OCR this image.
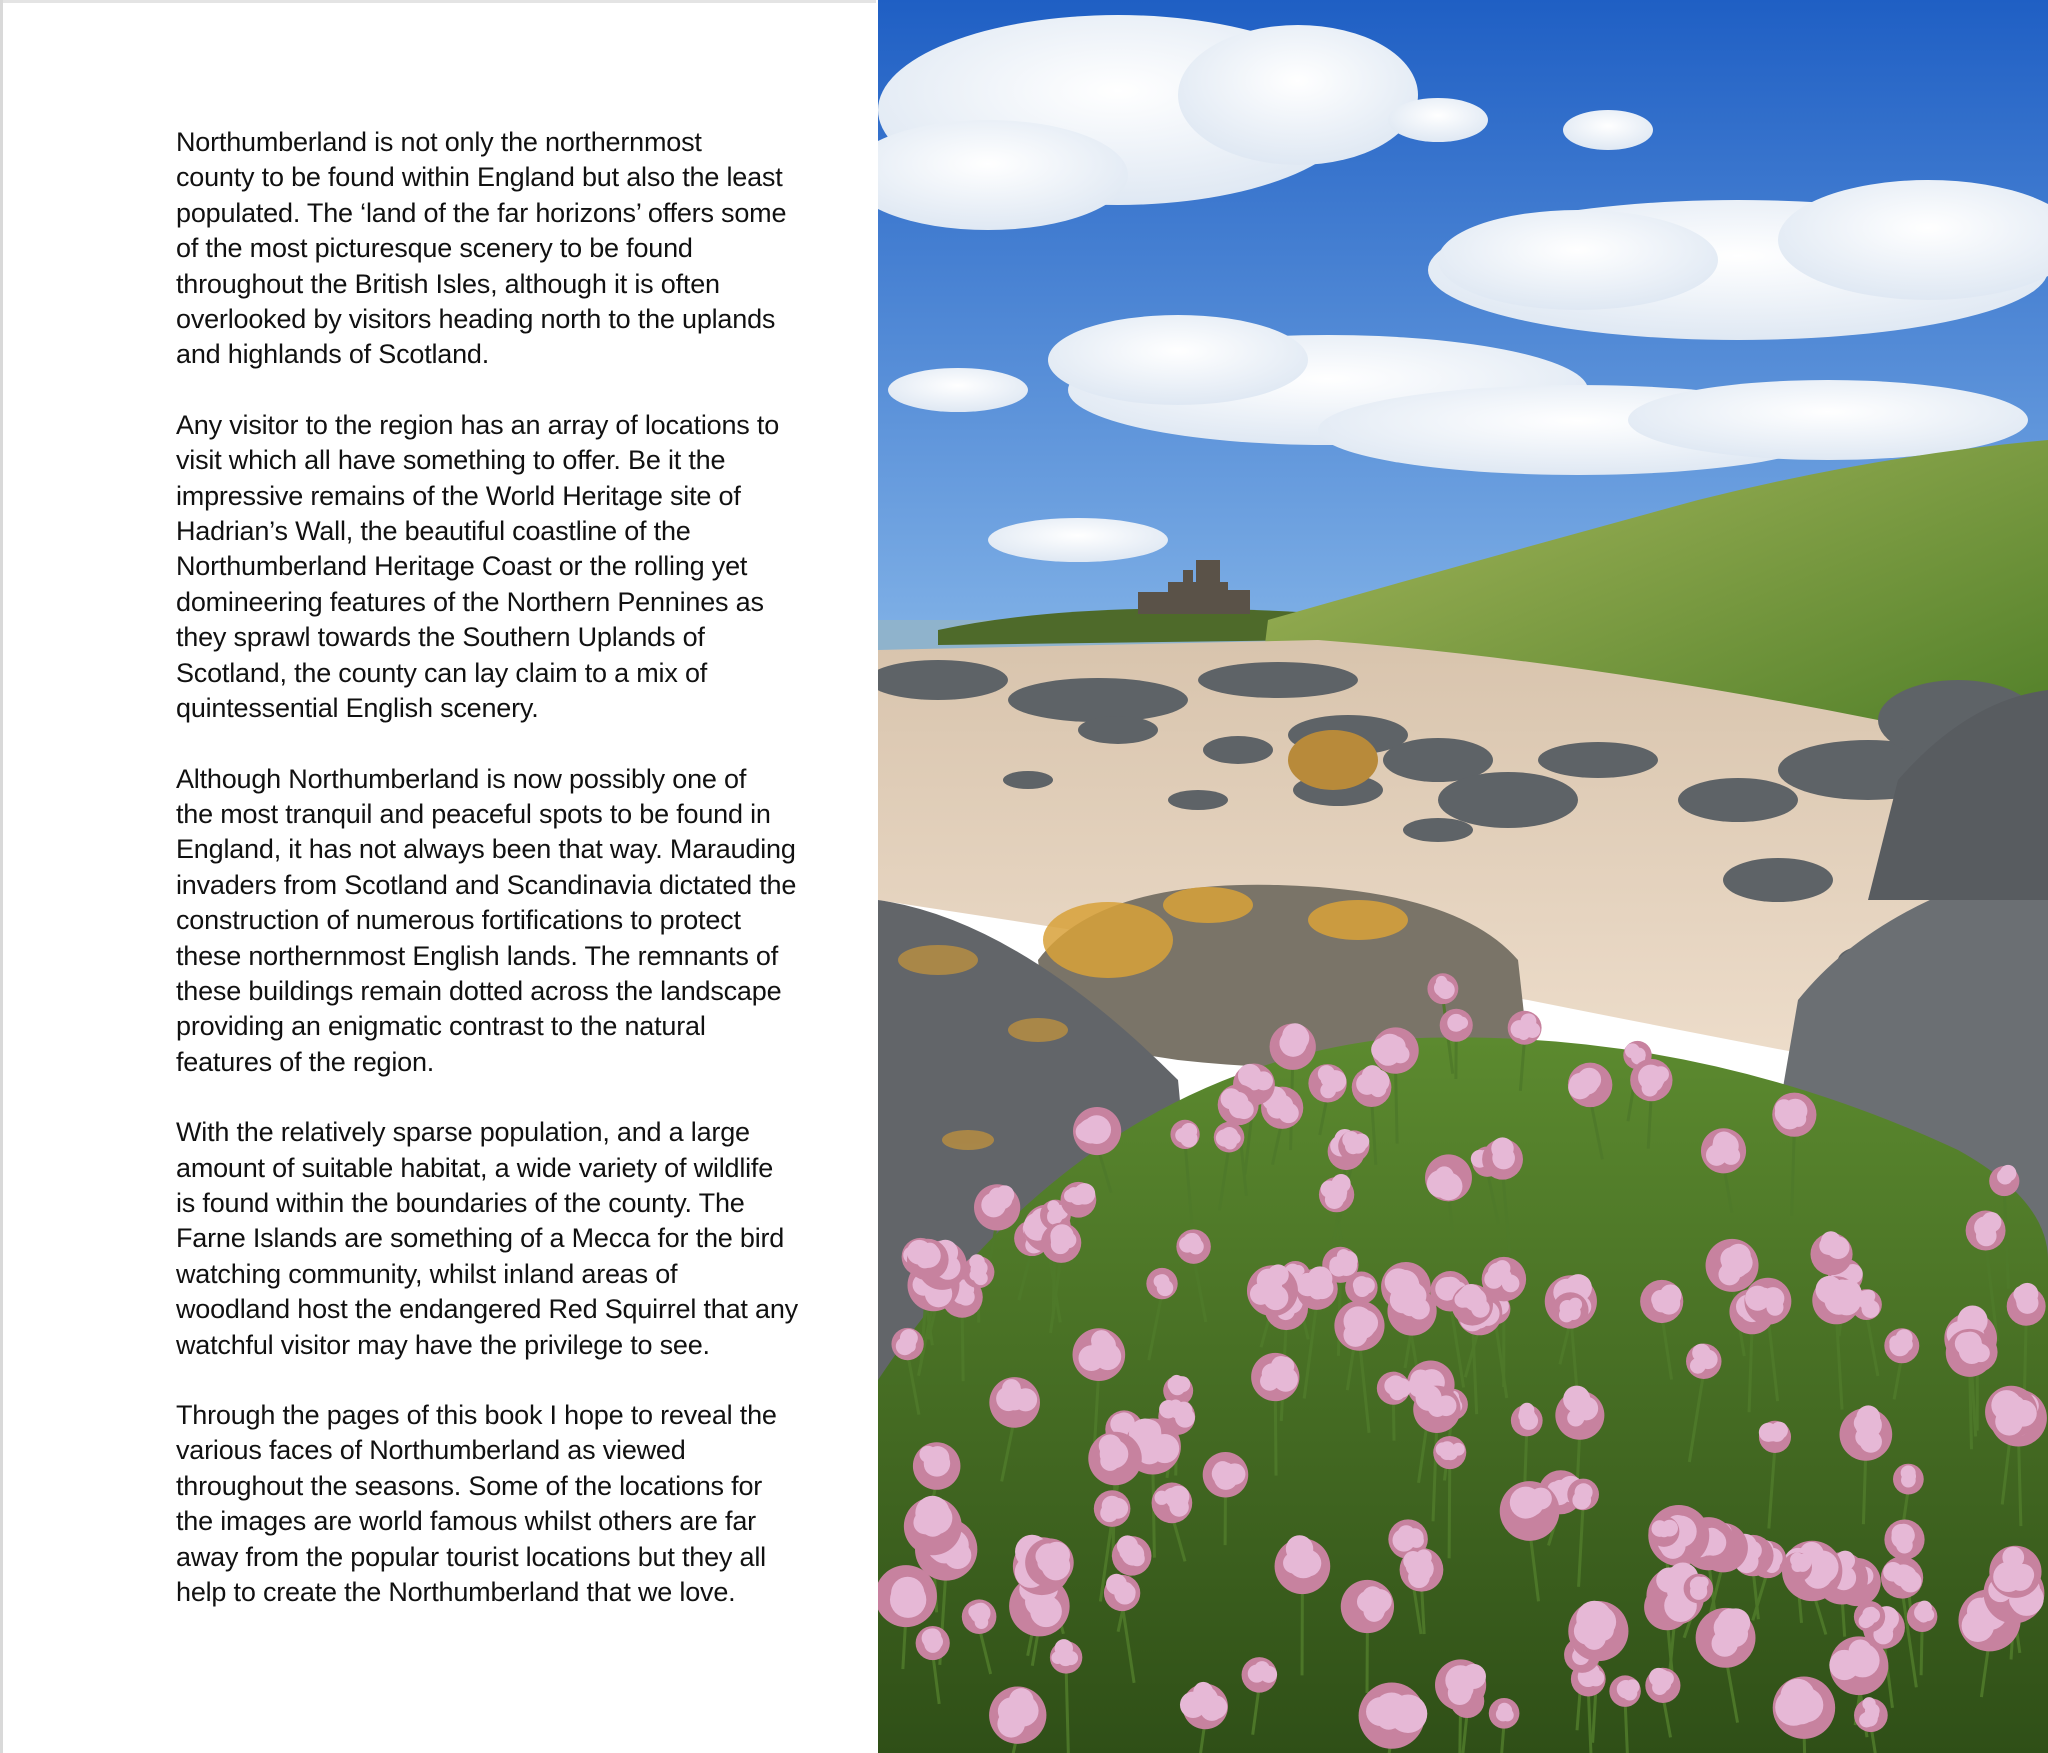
Northumberland is not only the northernmost
county to be found within England but also the least
populated. The ‘land of the far horizons’ offers some
of the most picturesque scenery to be found
throughout the British Isles, although it is often
overlooked by visitors heading north to the uplands
and highlands of Scotland.

Any visitor to the region has an array of locations to
visit which all have something to offer. Be it the
impressive remains of the World Heritage site of
Hadrian’s Wall, the beautiful coastline of the
Northumberland Heritage Coast or the rolling yet
domineering features of the Northern Pennines as
they sprawl towards the Southern Uplands of
Scotland, the county can lay claim to a mix of
quintessential English scenery.

Although Northumberland is now possibly one of
the most tranquil and peaceful spots to be found in
England, it has not always been that way. Marauding
invaders from Scotland and Scandinavia dictated the
construction of numerous fortifications to protect
these northernmost English lands. The remnants of
these buildings remain dotted across the landscape
providing an enigmatic contrast to the natural
features of the region.

With the relatively sparse population, and a large
amount of suitable habitat, a wide variety of wildlife
is found within the boundaries of the county. The
Farne Islands are something of a Mecca for the bird
watching community, whilst inland areas of
woodland host the endangered Red Squirrel that any
watchful visitor may have the privilege to see.

Through the pages of this book I hope to reveal the
various faces of Northumberland as viewed
throughout the seasons. Some of the locations for
the images are world famous whilst others are far
away from the popular tourist locations but they all
help to create the Northumberland that we love.
